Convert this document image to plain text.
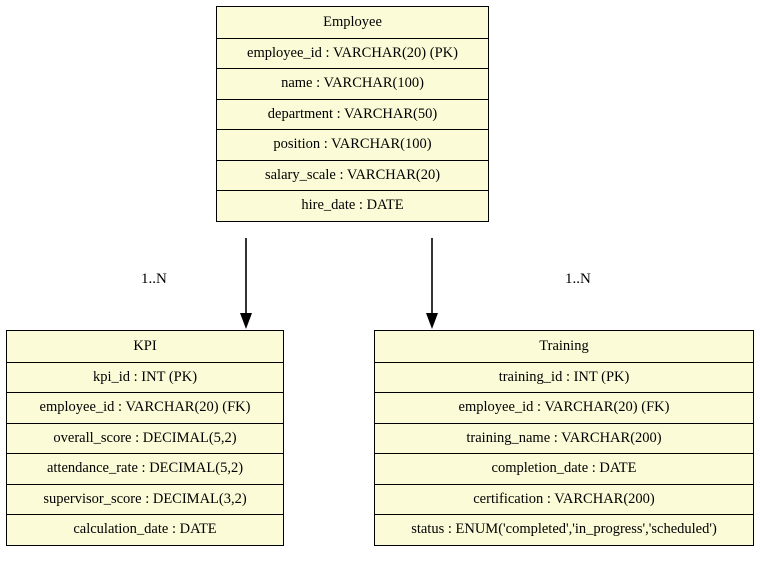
1..N	1..N
Employee
employee_id : VARCHAR(20) (PK)
name : VARCHAR(100)
department : VARCHAR(50)
position : VARCHAR(100)
salary_scale : VARCHAR(20)
hire_date : DATE
KPI
kpi_id : INT (PK)
employee_id : VARCHAR(20) (FK)
overall_score : DECIMAL(5,2)
attendance_rate : DECIMAL(5,2)
supervisor_score : DECIMAL(3,2)
calculation_date : DATE
Training
training_id : INT (PK)
employee_id : VARCHAR(20) (FK)
training_name : VARCHAR(200)
completion_date : DATE
certification : VARCHAR(200)
status : ENUM('completed','in_progress','scheduled')
